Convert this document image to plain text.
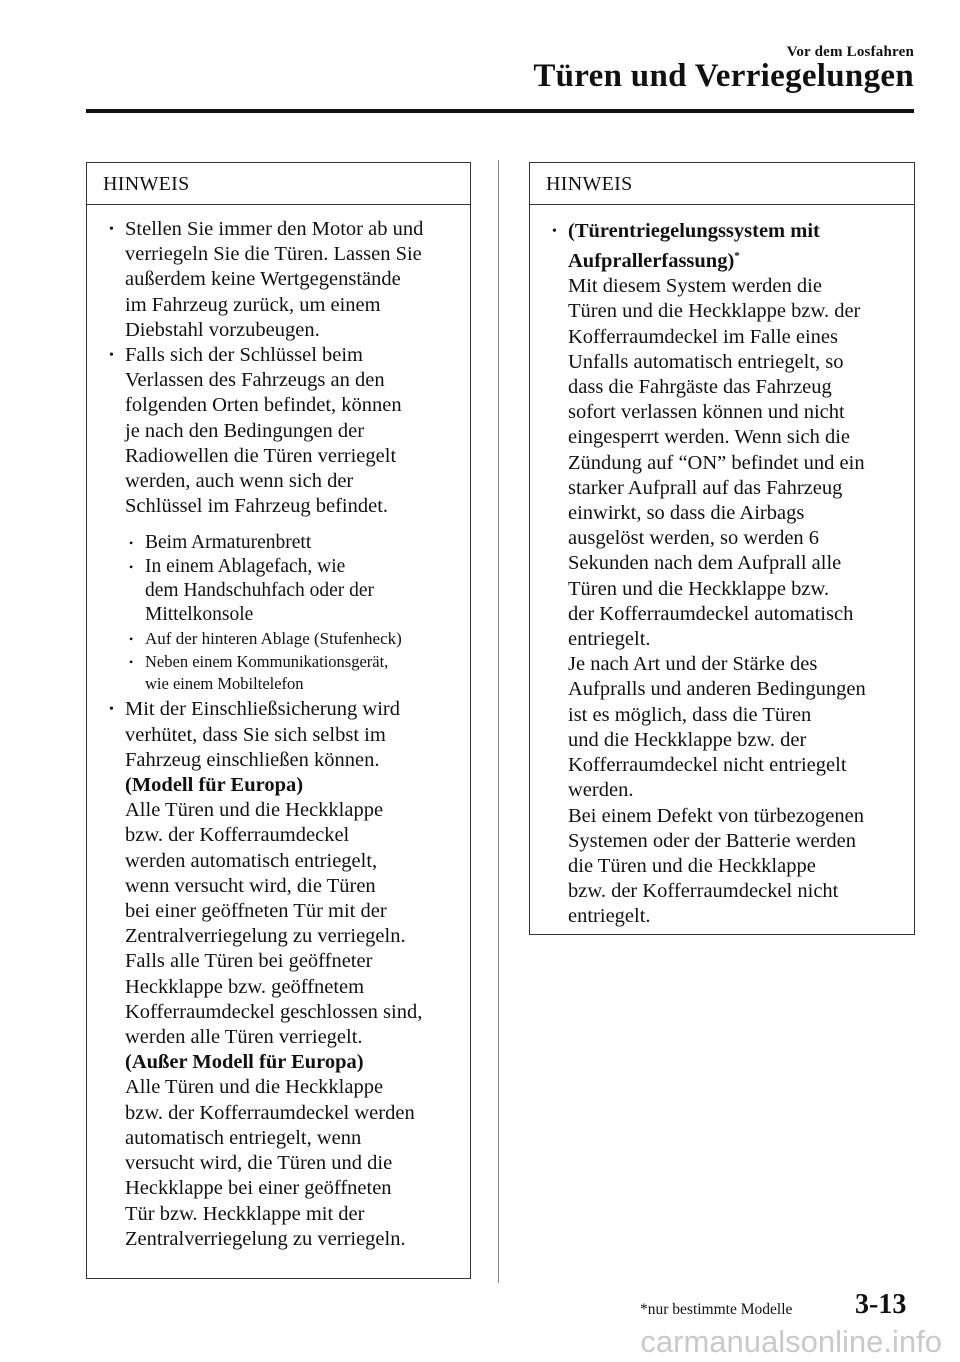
Vor dem Losfahren
Türen und Verriegelungen
HINWEIS
• Stellen Sie immer den Motor ab und
verriegeln Sie die Türen. Lassen Sie
außerdem keine Wertgegenstände
im Fahrzeug zurück, um einem
Diebstahl vorzubeugen.
• Falls sich der Schlüssel beim
Verlassen des Fahrzeugs an den
folgenden Orten befindet, können
je nach den Bedingungen der
Radiowellen die Türen verriegelt
werden, auch wenn sich der
Schlüssel im Fahrzeug befindet.
• Beim Armaturenbrett
• In einem Ablagefach, wie
dem Handschuhfach oder der
Mittelkonsole
• Auf der hinteren Ablage (Stufenheck)
• Neben einem Kommunikationsgerät,
wie einem Mobiltelefon
• Mit der Einschließsicherung wird
verhütet, dass Sie sich selbst im
Fahrzeug einschließen können.
(Modell für Europa)
Alle Türen und die Heckklappe
bzw. der Kofferraumdeckel
werden automatisch entriegelt,
wenn versucht wird, die Türen
bei einer geöffneten Tür mit der
Zentralverriegelung zu verriegeln.
Falls alle Türen bei geöffneter
Heckklappe bzw. geöffnetem
Kofferraumdeckel geschlossen sind,
werden alle Türen verriegelt.
(Außer Modell für Europa)
Alle Türen und die Heckklappe
bzw. der Kofferraumdeckel werden
automatisch entriegelt, wenn
versucht wird, die Türen und die
Heckklappe bei einer geöffneten
Tür bzw. Heckklappe mit der
Zentralverriegelung zu verriegeln.
HINWEIS
• (Türentriegelungssystem mit
Aufprallerfassung)*
Mit diesem System werden die
Türen und die Heckklappe bzw. der
Kofferraumdeckel im Falle eines
Unfalls automatisch entriegelt, so
dass die Fahrgäste das Fahrzeug
sofort verlassen können und nicht
eingesperrt werden. Wenn sich die
Zündung auf “ON” befindet und ein
starker Aufprall auf das Fahrzeug
einwirkt, so dass die Airbags
ausgelöst werden, so werden 6
Sekunden nach dem Aufprall alle
Türen und die Heckklappe bzw.
der Kofferraumdeckel automatisch
entriegelt.
Je nach Art und der Stärke des
Aufpralls und anderen Bedingungen
ist es möglich, dass die Türen
und die Heckklappe bzw. der
Kofferraumdeckel nicht entriegelt
werden.
Bei einem Defekt von türbezogenen
Systemen oder der Batterie werden
die Türen und die Heckklappe
bzw. der Kofferraumdeckel nicht
entriegelt.
*nur bestimmte Modelle 3-13
carmanualsonline.info
